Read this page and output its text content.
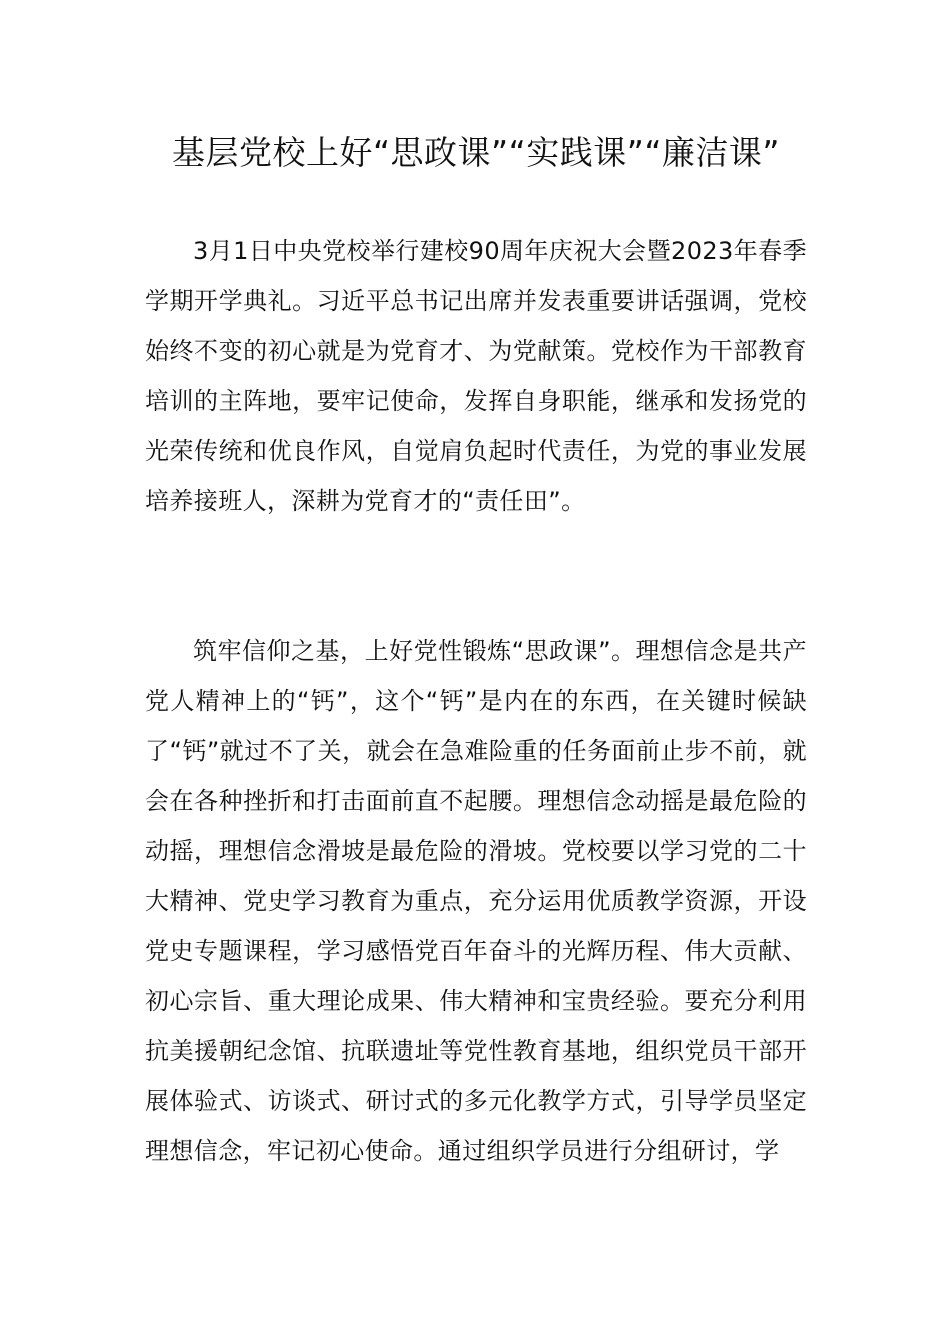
基层党校上好“思政课”“实践课”“廉洁课”

3月1日中央党校举行建校90周年庆祝大会暨2023年春季学期开学典礼。习近平总书记出席并发表重要讲话强调，党校始终不变的初心就是为党育才、为党献策。党校作为干部教育培训的主阵地，要牢记使命，发挥自身职能，继承和发扬党的光荣传统和优良作风，自觉肩负起时代责任，为党的事业发展培养接班人，深耕为党育才的“责任田”。

筑牢信仰之基，上好党性锻炼“思政课”。理想信念是共产党人精神上的“钙”，这个“钙”是内在的东西，在关键时候缺了“钙”就过不了关，就会在急难险重的任务面前止步不前，就会在各种挫折和打击面前直不起腰。理想信念动摇是最危险的动摇，理想信念滑坡是最危险的滑坡。党校要以学习党的二十大精神、党史学习教育为重点，充分运用优质教学资源，开设党史专题课程，学习感悟党百年奋斗的光辉历程、伟大贡献、初心宗旨、重大理论成果、伟大精神和宝贵经验。要充分利用抗美援朝纪念馆、抗联遗址等党性教育基地，组织党员干部开展体验式、访谈式、研讨式的多元化教学方式，引导学员坚定理想信念，牢记初心使命。通过组织学员进行分组研讨，学
